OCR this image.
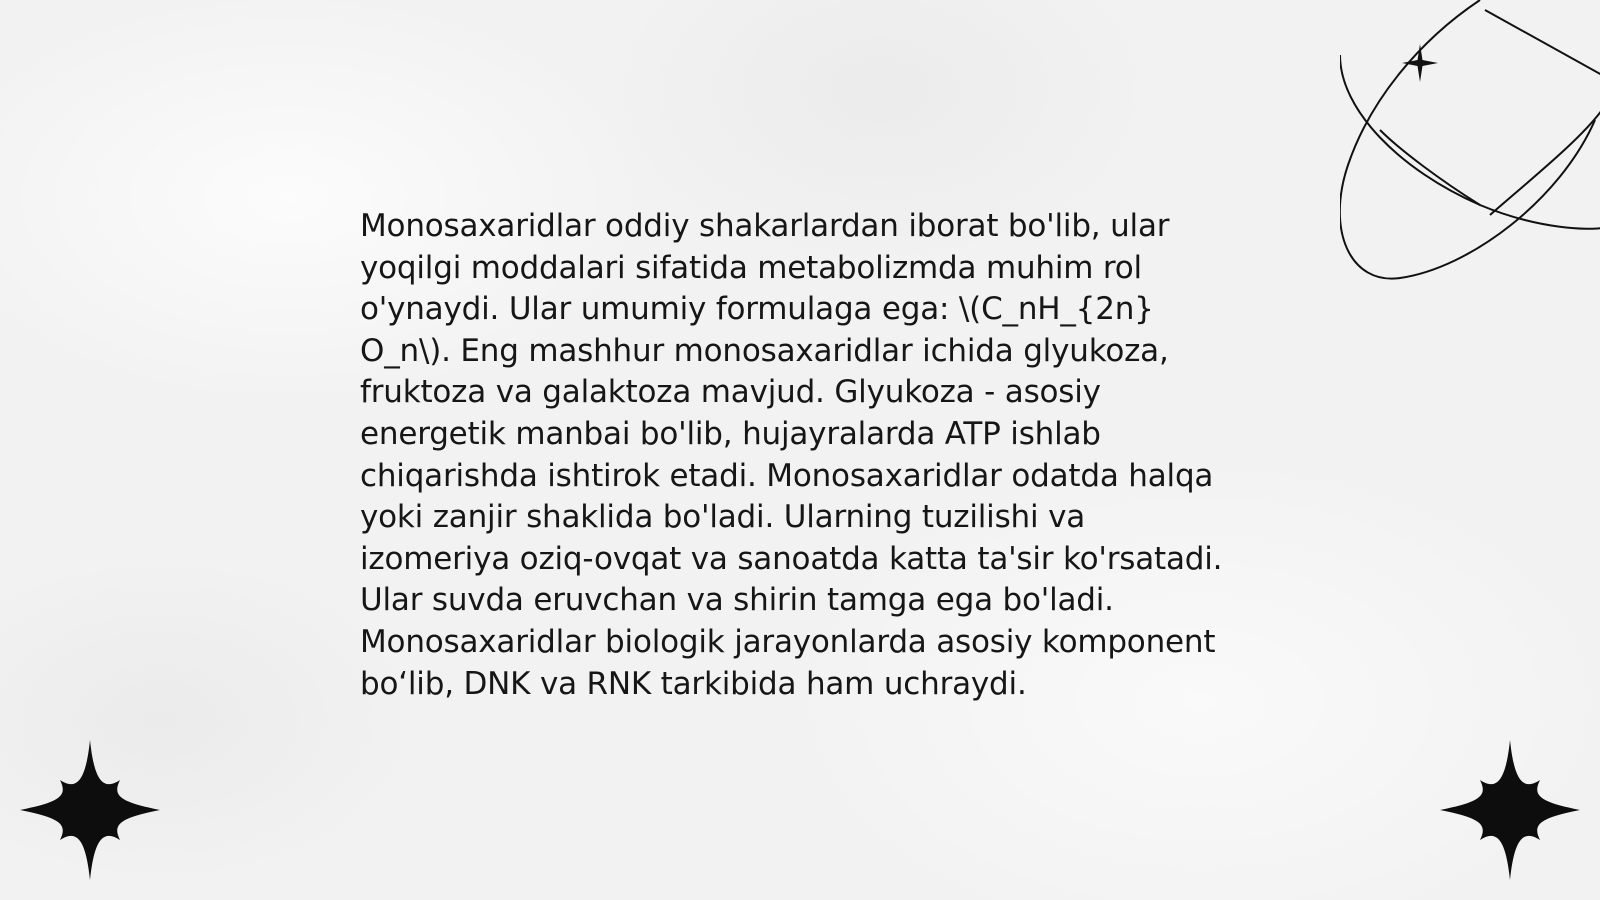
Monosaxaridlar oddiy shakarlardan iborat bo'lib, ular yoqilgi moddalari sifatida metabolizmda muhim rol o'ynaydi. Ular umumiy formulaga ega: \(C_nH_{2n} O_n\). Eng mashhur monosaxaridlar ichida glyukoza, fruktoza va galaktoza mavjud. Glyukoza - asosiy energetik manbai bo'lib, hujayralarda ATP ishlab chiqarishda ishtirok etadi. Monosaxaridlar odatda halqa yoki zanjir shaklida bo'ladi. Ularning tuzilishi va izomeriya oziq-ovqat va sanoatda katta ta'sir ko'rsatadi. Ular suvda eruvchan va shirin tamga ega bo'ladi. Monosaxaridlar biologik jarayonlarda asosiy komponent bo‘lib, DNK va RNK tarkibida ham uchraydi.
